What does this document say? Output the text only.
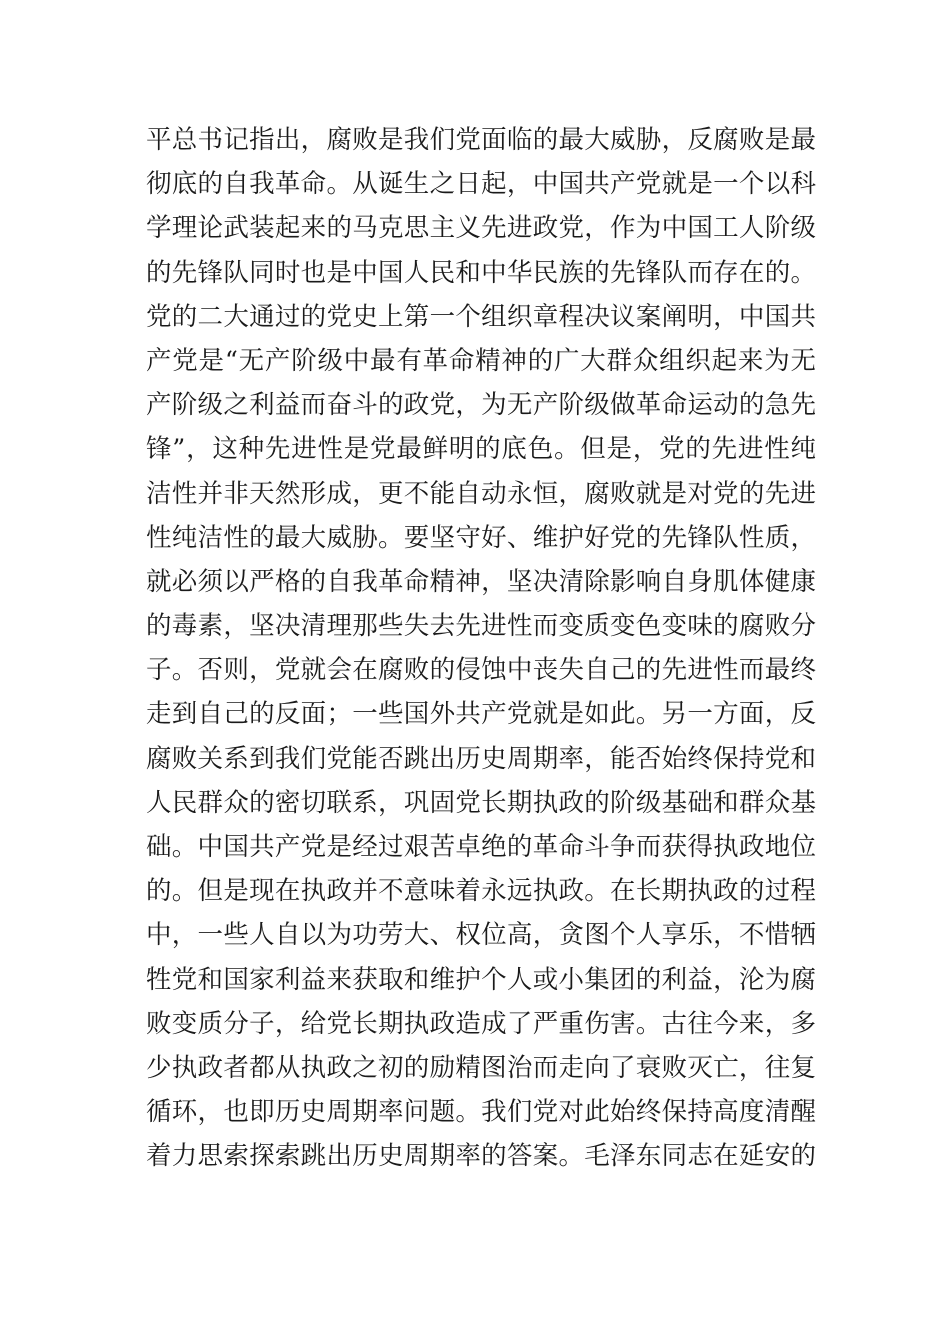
平总书记指出，腐败是我们党面临的最大威胁，反腐败是最
彻底的自我革命。从诞生之日起，中国共产党就是一个以科
学理论武装起来的马克思主义先进政党，作为中国工人阶级
的先锋队同时也是中国人民和中华民族的先锋队而存在的。
党的二大通过的党史上第一个组织章程决议案阐明，中国共
产党是“无产阶级中最有革命精神的广大群众组织起来为无
产阶级之利益而奋斗的政党，为无产阶级做革命运动的急先
锋”，这种先进性是党最鲜明的底色。但是，党的先进性纯
洁性并非天然形成，更不能自动永恒，腐败就是对党的先进
性纯洁性的最大威胁。要坚守好、维护好党的先锋队性质，
就必须以严格的自我革命精神，坚决清除影响自身肌体健康
的毒素，坚决清理那些失去先进性而变质变色变味的腐败分
子。否则，党就会在腐败的侵蚀中丧失自己的先进性而最终
走到自己的反面；一些国外共产党就是如此。另一方面，反
腐败关系到我们党能否跳出历史周期率，能否始终保持党和
人民群众的密切联系，巩固党长期执政的阶级基础和群众基
础。中国共产党是经过艰苦卓绝的革命斗争而获得执政地位
的。但是现在执政并不意味着永远执政。在长期执政的过程
中，一些人自以为功劳大、权位高，贪图个人享乐，不惜牺
牲党和国家利益来获取和维护个人或小集团的利益，沦为腐
败变质分子，给党长期执政造成了严重伤害。古往今来，多
少执政者都从执政之初的励精图治而走向了衰败灭亡，往复
循环，也即历史周期率问题。我们党对此始终保持高度清醒
着力思索探索跳出历史周期率的答案。毛泽东同志在延安的
